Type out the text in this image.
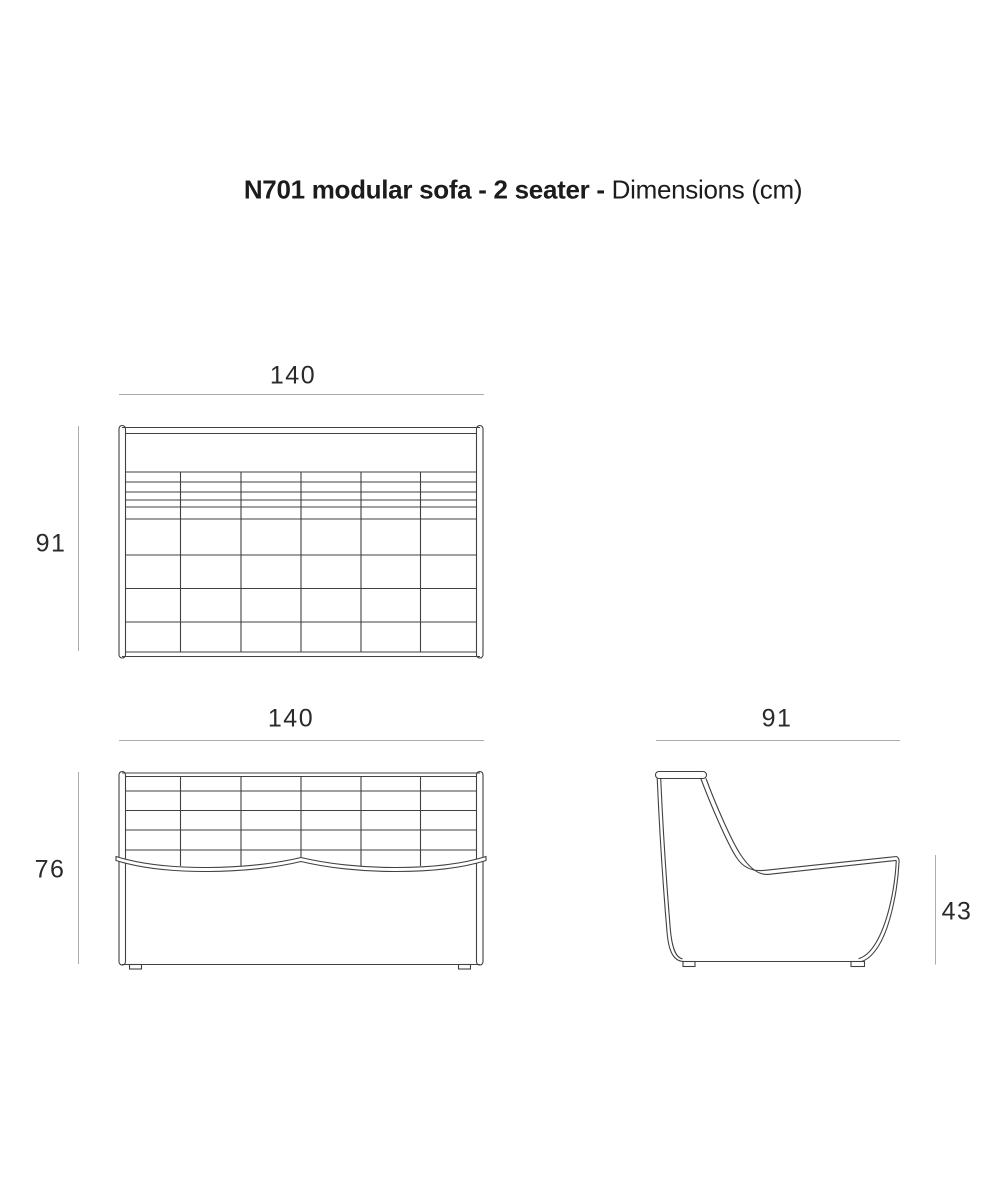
N701 modular sofa - 2 seater - Dimensions (cm)
140
91
140
76
91
43
